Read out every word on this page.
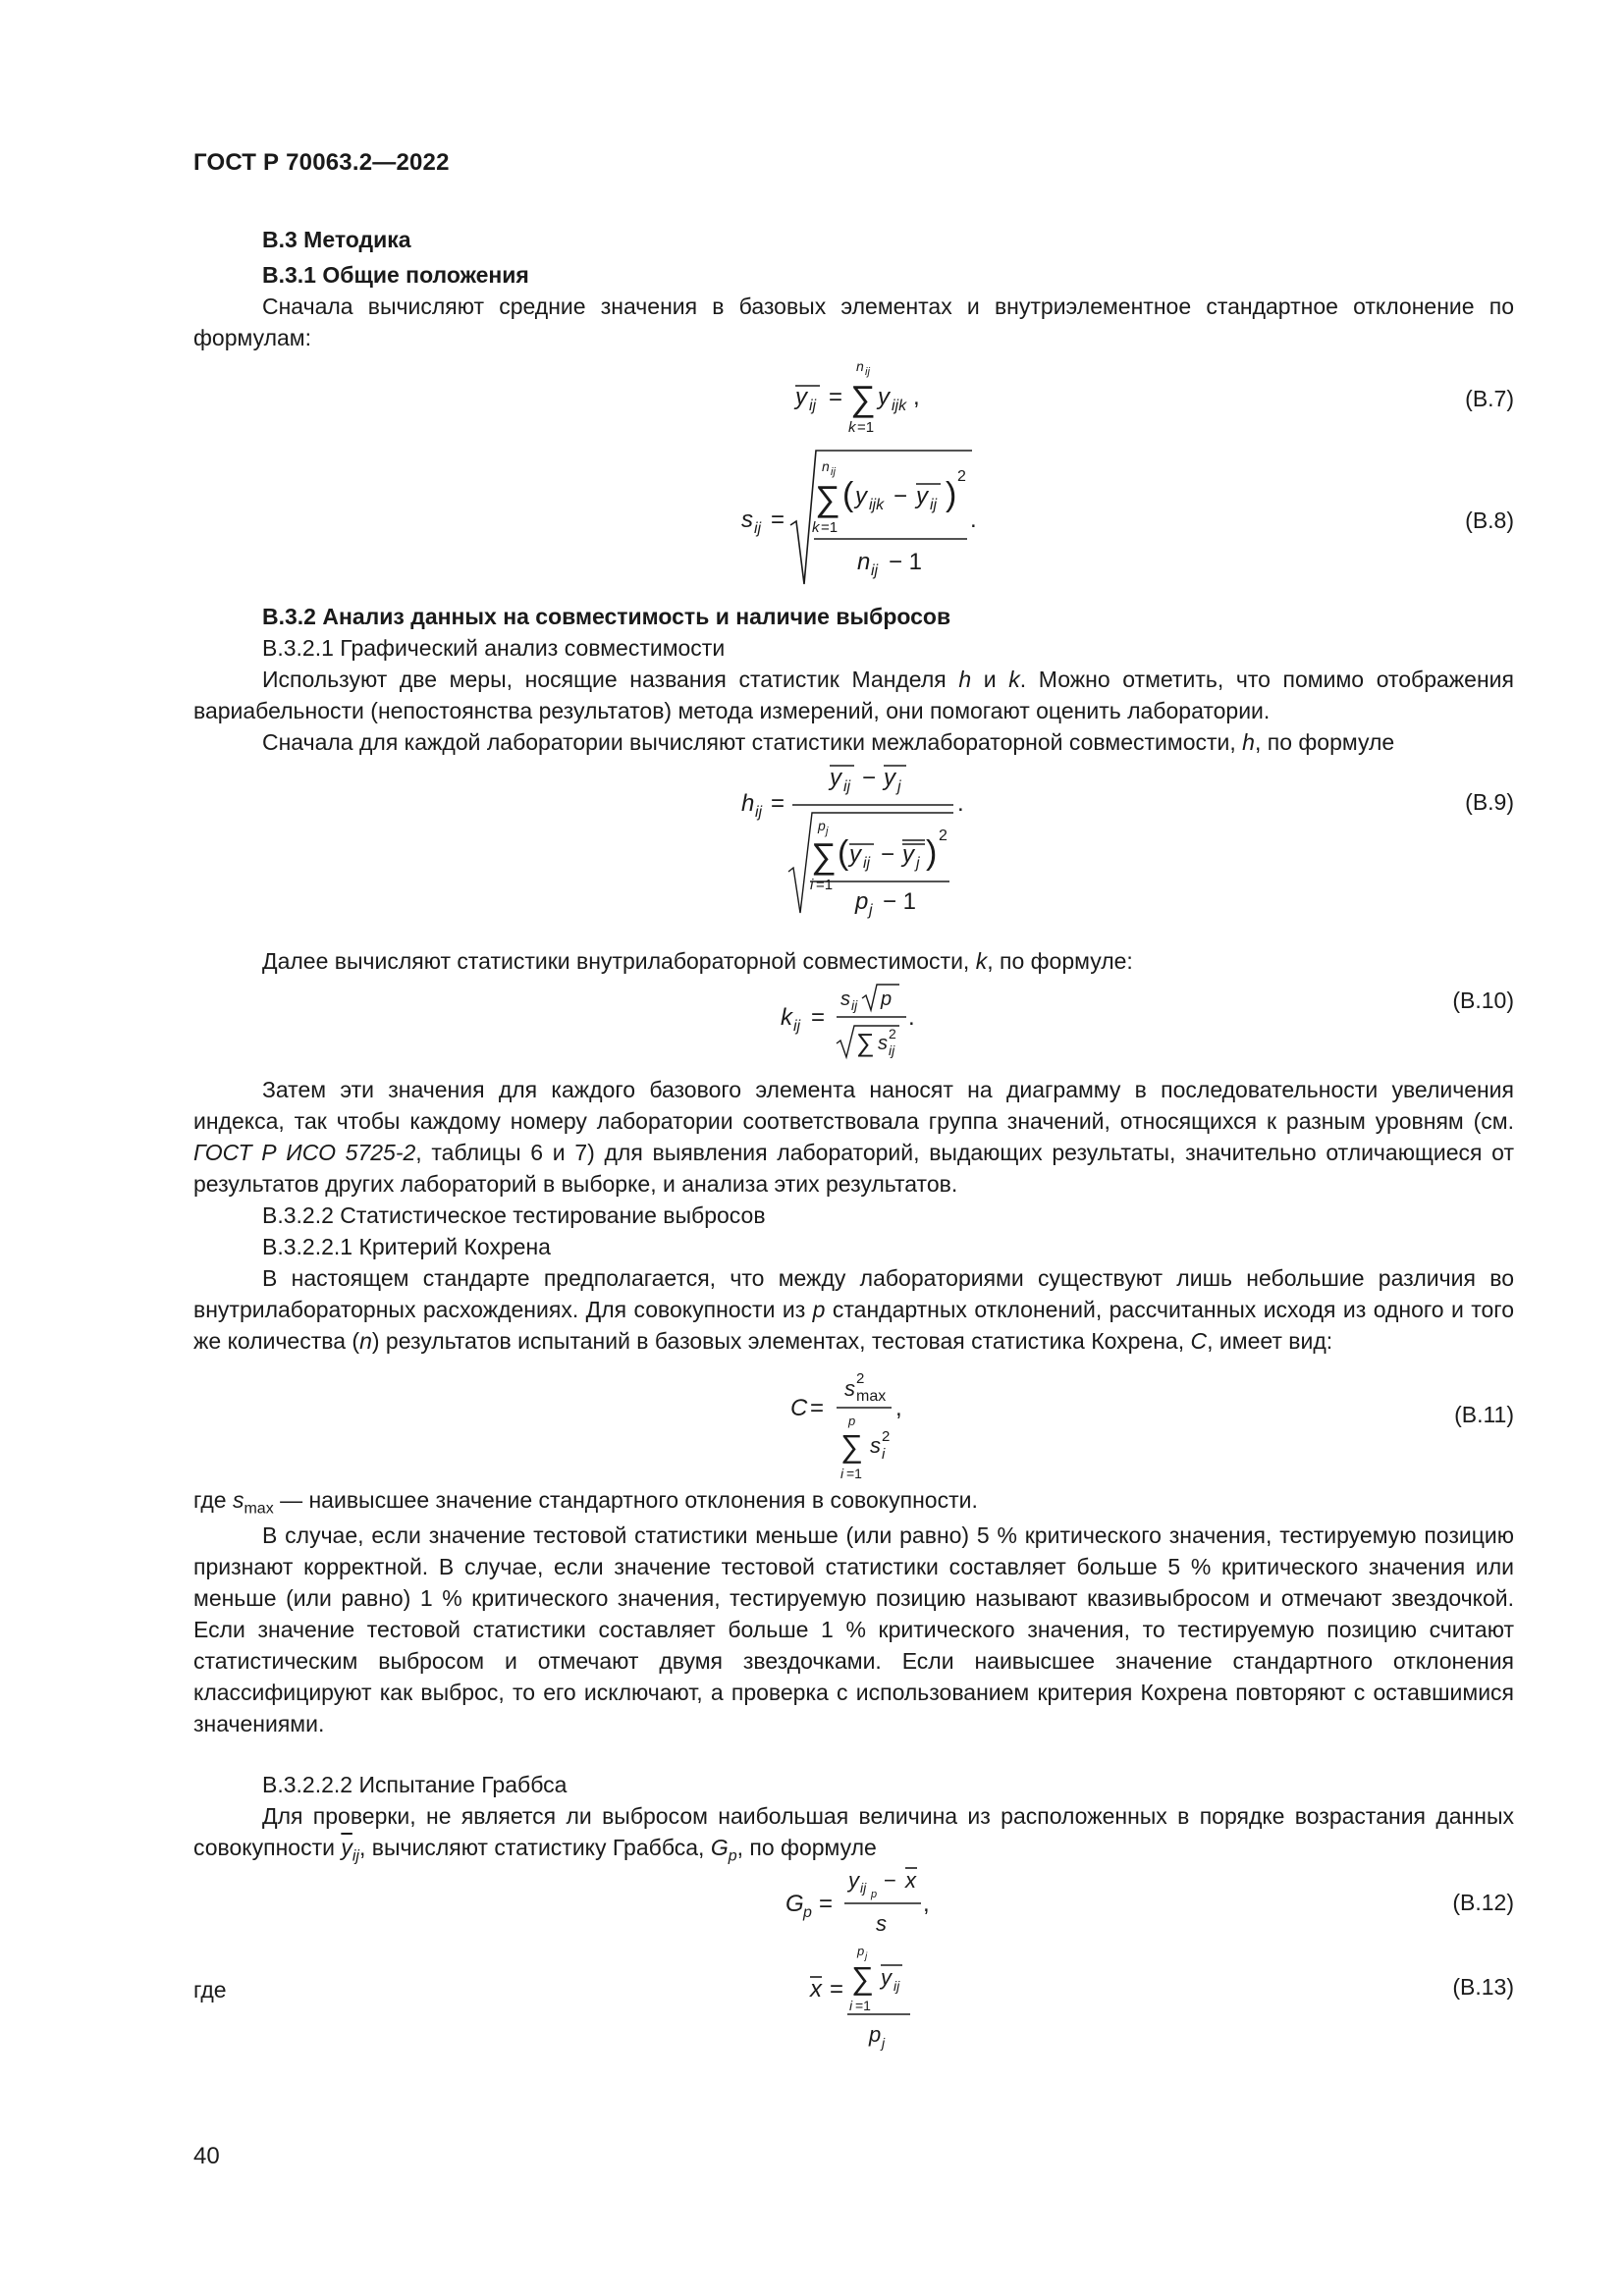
ГОСТ Р 70063.2—2022
В.3 Методика
В.3.1 Общие положения

Сначала вычисляют средние значения в базовых элементах и внутриэлементное стандартное отклонение по формулам:

y ij =
n ij
∑
k =1
y ijk ,	(В.7)
s ij =
n ij
∑
k =1
( y ijk − y ij ) 2
n ij − 1
.	(В.8)
В.3.2 Анализ данных на совместимость и наличие выбросов
В.3.2.1 Графический анализ совместимости

Используют две меры, носящие названия статистик Манделя h и k. Можно отметить, что помимо отображения вариабельности (непостоянства результатов) метода измерений, они помогают оценить лаборатории.

Сначала для каждой лаборатории вычисляют статистики межлабораторной совместимости, h, по формуле

h ij =
y ij − y j
p j
∑
i =1
( y ij − y j ) 2
p j − 1
.	(В.9)

Далее вычисляют статистики внутрилабораторной совместимости, k, по формуле:

k ij =
s ij p
∑ s 2
ij
.
(В.10)

Затем эти значения для каждого базового элемента наносят на диаграмму в последовательности увеличения индекса, так чтобы каждому номеру лаборатории соответствовала группа значений, относящихся к разным уровням (см. ГОСТ Р ИСО 5725-2, таблицы 6 и 7) для выявления лабораторий, выдающих результаты, значительно отличающиеся от результатов других лабораторий в выборке, и анализа этих результатов.

В.3.2.2 Статистическое тестирование выбросов
В.3.2.2.1 Критерий Кохрена

В настоящем стандарте предполагается, что между лабораториями существуют лишь небольшие различия во внутрилабораторных расхождениях. Для совокупности из p стандартных отклонений, рассчитанных исходя из одного и того же количества (n) результатов испытаний в базовых элементах, тестовая статистика Кохрена, C, имеет вид:

C =
s 2
max
p
∑
i =1
s 2
i
,	(В.11)
где $s_{max}$ — наивысшее значение стандартного отклонения в совокупности.

В случае, если значение тестовой статистики меньше (или равно) 5 % критического значения, тестируемую позицию признают корректной. В случае, если значение тестовой статистики составляет больше 5 % критического значения или меньше (или равно) 1 % критического значения, тестируемую позицию называют квазивыбросом и отмечают звездочкой. Если значение тестовой статистики составляет больше 1 % критического значения, то тестируемую позицию считают статистическим выбросом и отмечают двумя звездочками. Если наивысшее значение стандартного отклонения классифицируют как выброс, то его исключают, а проверка с использованием критерия Кохрена повторяют с оставшимися значениями.

В.3.2.2.2 Испытание Граббса

Для проверки, не является ли выбросом наибольшая величина из расположенных в порядке возрастания данных совокупности $\overline{y}_{ij}$, вычисляют статистику Граббса, $G_p$, по формуле

G p =
y ij p
− x
s
,	(В.12)
где	x =
p j
∑
i =1
y ij
p j
(В.13)
40
